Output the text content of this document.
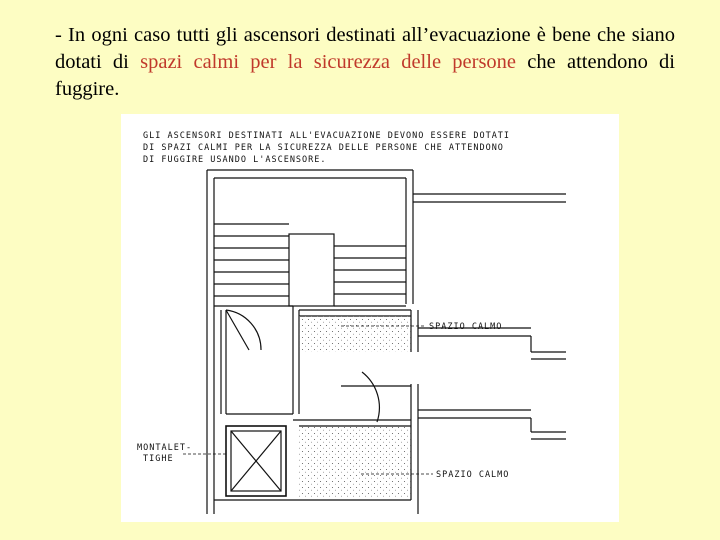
- In ogni caso tutti gli ascensori destinati all’evacuazione è bene che siano dotati di spazi calmi per la sicurezza delle persone che attendono di fuggire.

GLI ASCENSORI DESTINATI ALL'EVACUAZIONE DEVONO ESSERE DOTATI
DI SPAZI CALMI PER LA SICUREZZA DELLE PERSONE CHE ATTENDONO
DI FUGGIRE USANDO L'ASCENSORE.
SPAZIO CALMO
SPAZIO CALMO
MONTALET-
TIGHE
